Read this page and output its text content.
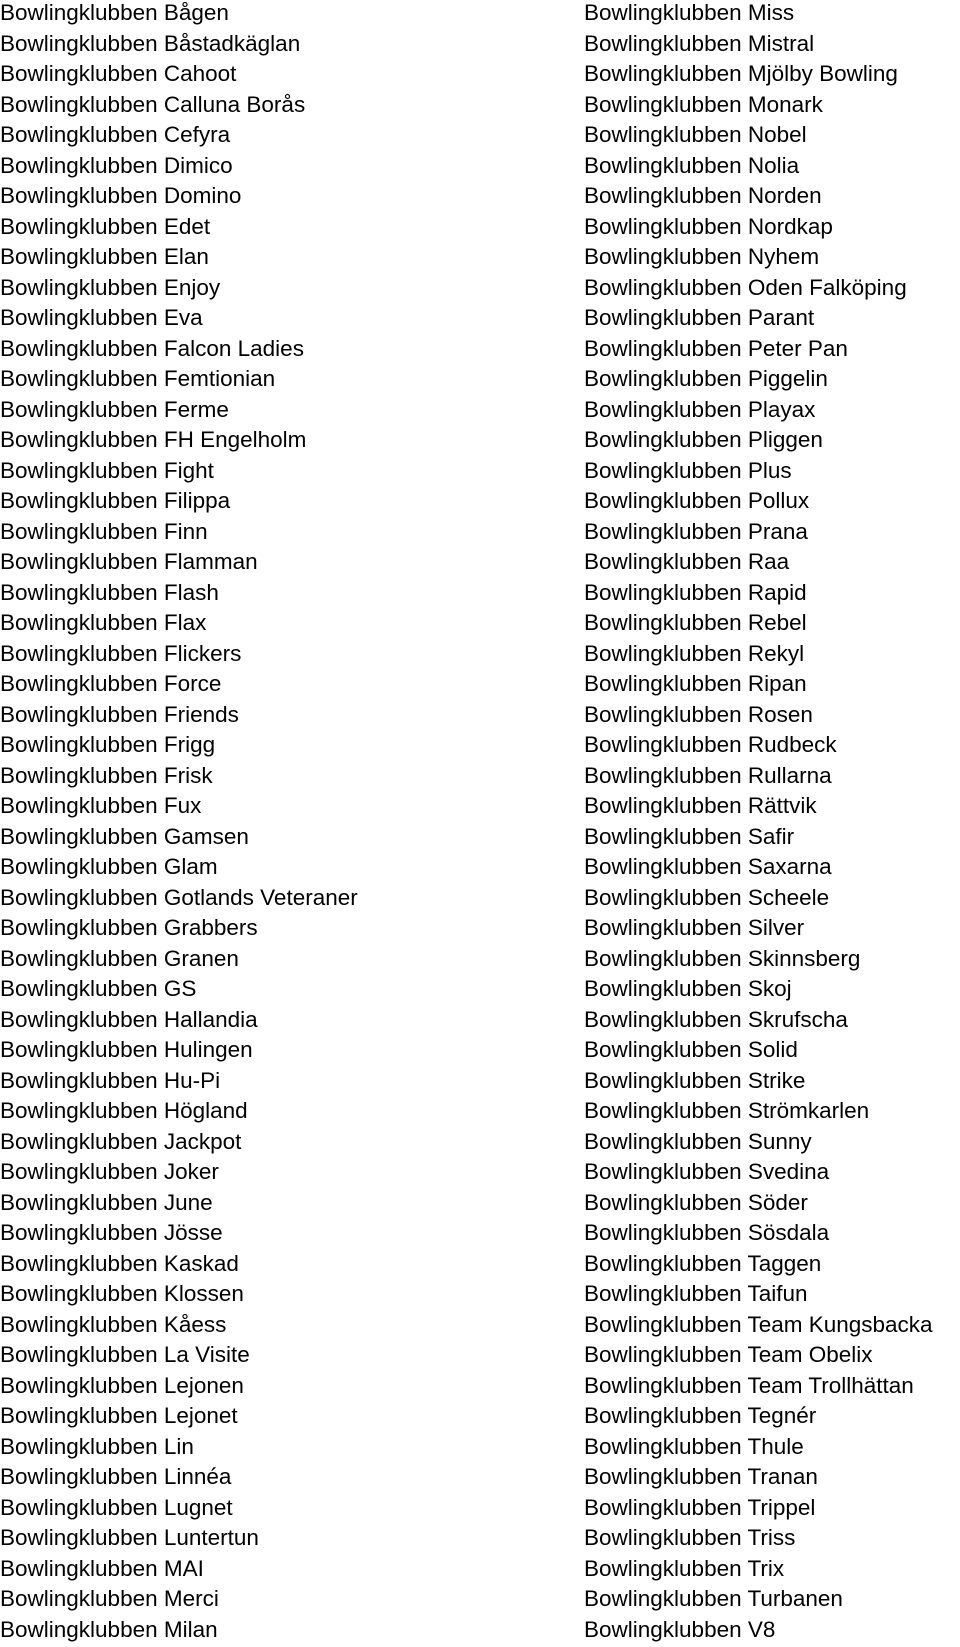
Bowlingklubben Bågen
Bowlingklubben Båstadkäglan
Bowlingklubben Cahoot
Bowlingklubben Calluna Borås
Bowlingklubben Cefyra
Bowlingklubben Dimico
Bowlingklubben Domino
Bowlingklubben Edet
Bowlingklubben Elan
Bowlingklubben Enjoy
Bowlingklubben Eva
Bowlingklubben Falcon Ladies
Bowlingklubben Femtionian
Bowlingklubben Ferme
Bowlingklubben FH Engelholm
Bowlingklubben Fight
Bowlingklubben Filippa
Bowlingklubben Finn
Bowlingklubben Flamman
Bowlingklubben Flash
Bowlingklubben Flax
Bowlingklubben Flickers
Bowlingklubben Force
Bowlingklubben Friends
Bowlingklubben Frigg
Bowlingklubben Frisk
Bowlingklubben Fux
Bowlingklubben Gamsen
Bowlingklubben Glam
Bowlingklubben Gotlands Veteraner
Bowlingklubben Grabbers
Bowlingklubben Granen
Bowlingklubben GS
Bowlingklubben Hallandia
Bowlingklubben Hulingen
Bowlingklubben Hu-Pi
Bowlingklubben Högland
Bowlingklubben Jackpot
Bowlingklubben Joker
Bowlingklubben June
Bowlingklubben Jösse
Bowlingklubben Kaskad
Bowlingklubben Klossen
Bowlingklubben Kåess
Bowlingklubben La Visite
Bowlingklubben Lejonen
Bowlingklubben Lejonet
Bowlingklubben Lin
Bowlingklubben Linnéa
Bowlingklubben Lugnet
Bowlingklubben Luntertun
Bowlingklubben MAI
Bowlingklubben Merci
Bowlingklubben Milan
Bowlingklubben Miss
Bowlingklubben Mistral
Bowlingklubben Mjölby Bowling
Bowlingklubben Monark
Bowlingklubben Nobel
Bowlingklubben Nolia
Bowlingklubben Norden
Bowlingklubben Nordkap
Bowlingklubben Nyhem
Bowlingklubben Oden Falköping
Bowlingklubben Parant
Bowlingklubben Peter Pan
Bowlingklubben Piggelin
Bowlingklubben Playax
Bowlingklubben Pliggen
Bowlingklubben Plus
Bowlingklubben Pollux
Bowlingklubben Prana
Bowlingklubben Raa
Bowlingklubben Rapid
Bowlingklubben Rebel
Bowlingklubben Rekyl
Bowlingklubben Ripan
Bowlingklubben Rosen
Bowlingklubben Rudbeck
Bowlingklubben Rullarna
Bowlingklubben Rättvik
Bowlingklubben Safir
Bowlingklubben Saxarna
Bowlingklubben Scheele
Bowlingklubben Silver
Bowlingklubben Skinnsberg
Bowlingklubben Skoj
Bowlingklubben Skrufscha
Bowlingklubben Solid
Bowlingklubben Strike
Bowlingklubben Strömkarlen
Bowlingklubben Sunny
Bowlingklubben Svedina
Bowlingklubben Söder
Bowlingklubben Sösdala
Bowlingklubben Taggen
Bowlingklubben Taifun
Bowlingklubben Team Kungsbacka
Bowlingklubben Team Obelix
Bowlingklubben Team Trollhättan
Bowlingklubben Tegnér
Bowlingklubben Thule
Bowlingklubben Tranan
Bowlingklubben Trippel
Bowlingklubben Triss
Bowlingklubben Trix
Bowlingklubben Turbanen
Bowlingklubben V8
